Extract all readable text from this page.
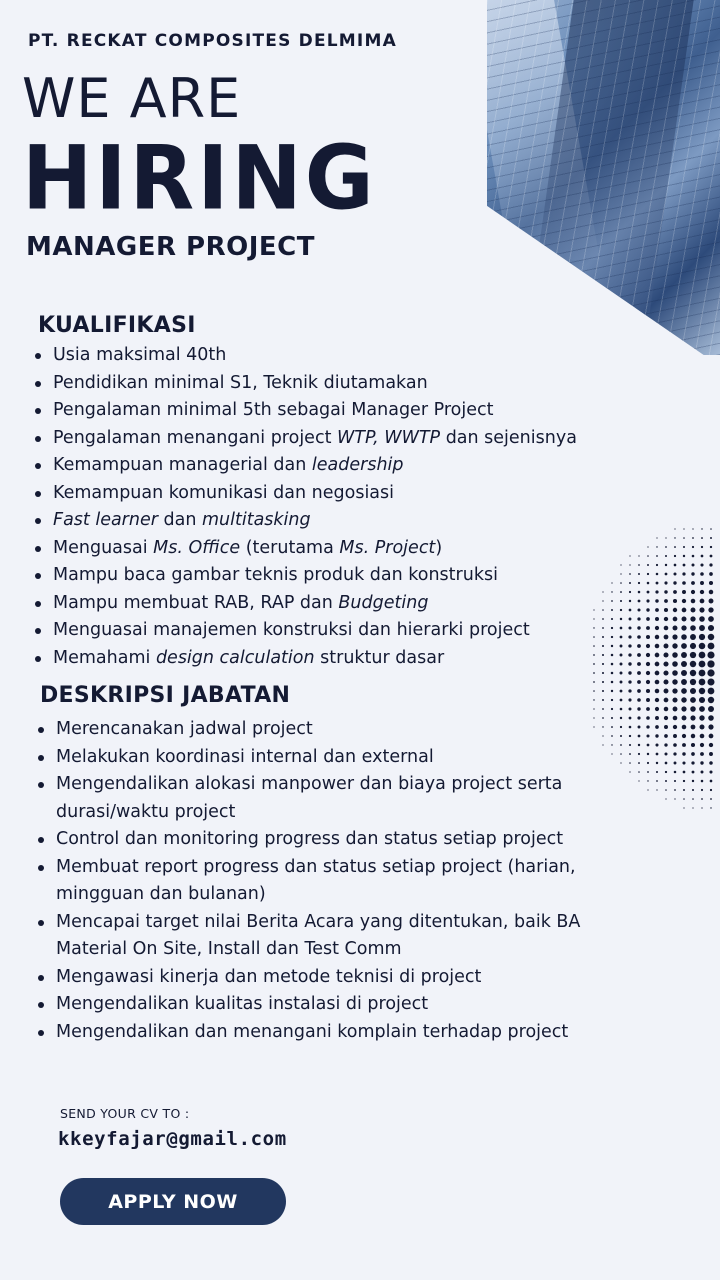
PT. RECKAT COMPOSITES DELMIMA
WE ARE
HIRING
MANAGER PROJECT
KUALIFIKASI
Usia maksimal 40th
Pendidikan minimal S1, Teknik diutamakan
Pengalaman minimal 5th sebagai Manager Project
Pengalaman menangani project WTP, WWTP dan sejenisnya
Kemampuan managerial dan leadership
Kemampuan komunikasi dan negosiasi
Fast learner dan multitasking
Menguasai Ms. Office (terutama Ms. Project)
Mampu baca gambar teknis produk dan konstruksi
Mampu membuat RAB, RAP dan Budgeting
Menguasai manajemen konstruksi dan hierarki project
Memahami design calculation struktur dasar
DESKRIPSI JABATAN
Merencanakan jadwal project
Melakukan koordinasi internal dan external
Mengendalikan alokasi manpower dan biaya project serta
durasi/waktu project
Control dan monitoring progress dan status setiap project
Membuat report progress dan status setiap project (harian,
mingguan dan bulanan)
Mencapai target nilai Berita Acara yang ditentukan, baik BA
Material On Site, Install dan Test Comm
Mengawasi kinerja dan metode teknisi di project
Mengendalikan kualitas instalasi di project
Mengendalikan dan menangani komplain terhadap project
SEND YOUR CV TO :
kkeyfajar@gmail.com
APPLY NOW
